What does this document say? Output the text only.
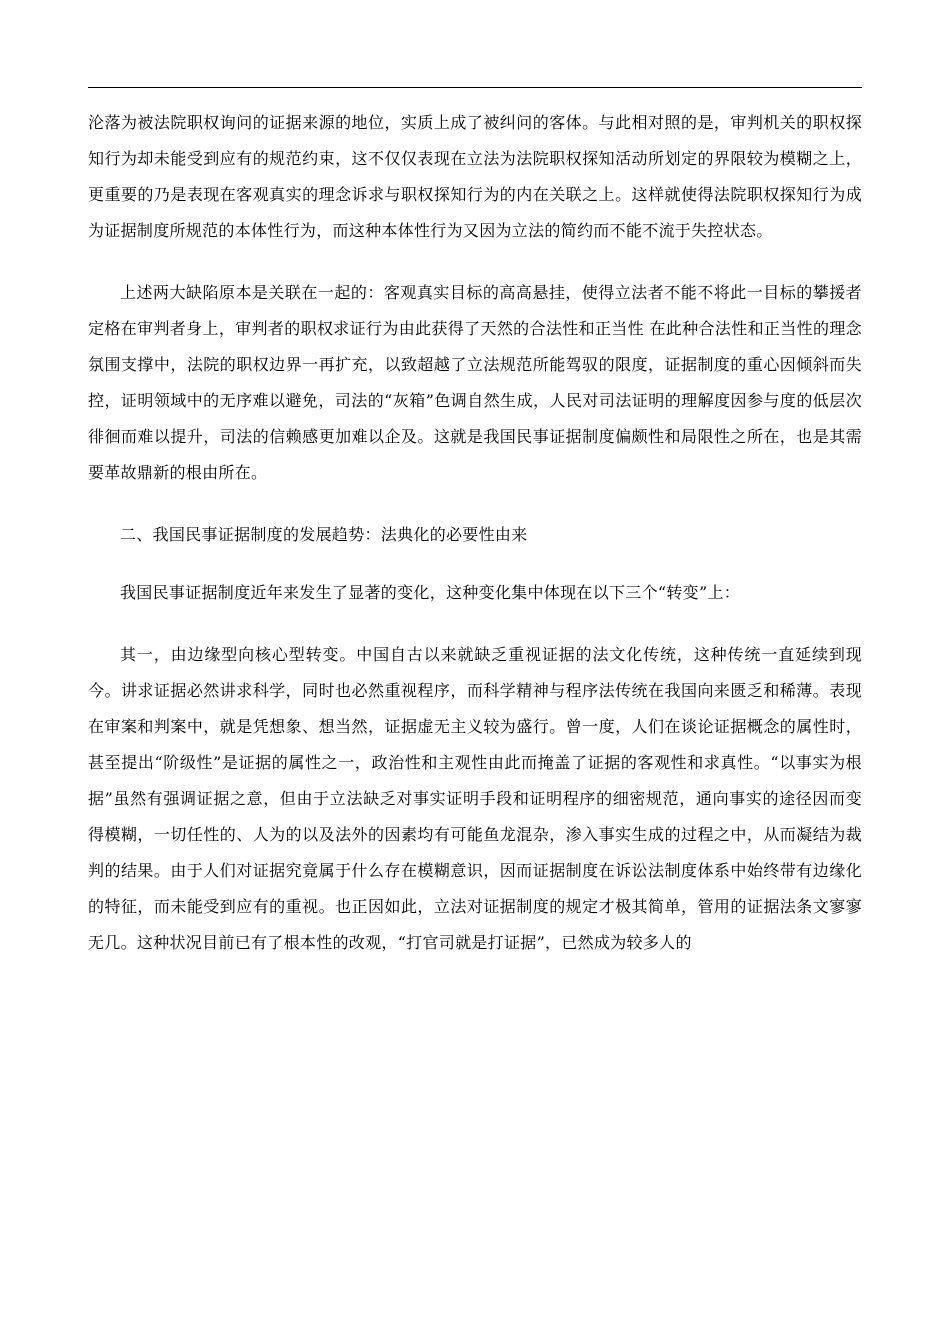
沦落为被法院职权询问的证据来源的地位，实质上成了被纠问的客体。与此相对照的是，审判机关的职权探知行为却未能受到应有的规范约束，这不仅仅表现在立法为法院职权探知活动所划定的界限较为模糊之上，更重要的乃是表现在客观真实的理念诉求与职权探知行为的内在关联之上。这样就使得法院职权探知行为成为证据制度所规范的本体性行为，而这种本体性行为又因为立法的简约而不能不流于失控状态。

上述两大缺陷原本是关联在一起的：客观真实目标的高高悬挂，使得立法者不能不将此一目标的攀援者定格在审判者身上，审判者的职权求证行为由此获得了天然的合法性和正当性 在此种合法性和正当性的理念氛围支撑中，法院的职权边界一再扩充，以致超越了立法规范所能驾驭的限度，证据制度的重心因倾斜而失控，证明领域中的无序难以避免，司法的“灰箱”色调自然生成，人民对司法证明的理解度因参与度的低层次徘徊而难以提升，司法的信赖感更加难以企及。这就是我国民事证据制度偏颇性和局限性之所在，也是其需要革故鼎新的根由所在。

二、我国民事证据制度的发展趋势：法典化的必要性由来

我国民事证据制度近年来发生了显著的变化，这种变化集中体现在以下三个“转变”上：

其一，由边缘型向核心型转变。中国自古以来就缺乏重视证据的法文化传统，这种传统一直延续到现今。讲求证据必然讲求科学，同时也必然重视程序，而科学精神与程序法传统在我国向来匮乏和稀薄。表现在审案和判案中，就是凭想象、想当然，证据虚无主义较为盛行。曾一度，人们在谈论证据概念的属性时，甚至提出“阶级性”是证据的属性之一，政治性和主观性由此而掩盖了证据的客观性和求真性。“以事实为根据”虽然有强调证据之意，但由于立法缺乏对事实证明手段和证明程序的细密规范，通向事实的途径因而变得模糊，一切任性的、人为的以及法外的因素均有可能鱼龙混杂，渗入事实生成的过程之中，从而凝结为裁判的结果。由于人们对证据究竟属于什么存在模糊意识，因而证据制度在诉讼法制度体系中始终带有边缘化的特征，而未能受到应有的重视。也正因如此，立法对证据制度的规定才极其简单，管用的证据法条文寥寥无几。这种状况目前已有了根本性的改观，“打官司就是打证据”，已然成为较多人的
